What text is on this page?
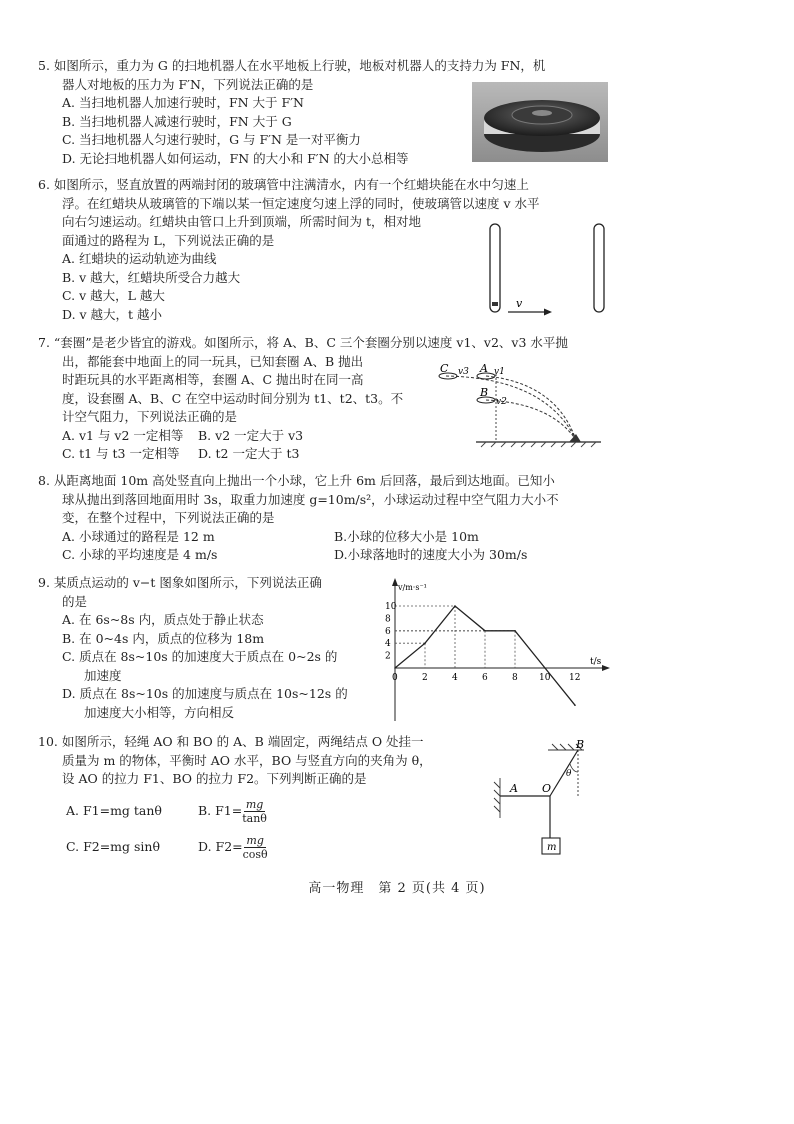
5. 如图所示，重力为 G 的扫地机器人在水平地板上行驶，地板对机器人的支持力为 FN，机
器人对地板的压力为 F′N，下列说法正确的是
A. 当扫地机器人加速行驶时，FN 大于 F′N
B. 当扫地机器人减速行驶时，FN 大于 G
C. 当扫地机器人匀速行驶时，G 与 F′N 是一对平衡力
D. 无论扫地机器人如何运动，FN 的大小和 F′N 的大小总相等
6. 如图所示，竖直放置的两端封闭的玻璃管中注满清水，内有一个红蜡块能在水中匀速上
浮。在红蜡块从玻璃管的下端以某一恒定速度匀速上浮的同时，使玻璃管以速度 v 水平
向右匀速运动。红蜡块由管口上升到顶端，所需时间为 t，相对地
面通过的路程为 L，下列说法正确的是
A. 红蜡块的运动轨迹为曲线
B. v 越大，红蜡块所受合力越大
C. v 越大，L 越大
D. v 越大，t 越小
v
7. “套圈”是老少皆宜的游戏。如图所示，将 A、B、C 三个套圈分别以速度 v1、v2、v3 水平抛
出，都能套中地面上的同一玩具，已知套圈 A、B 抛出
时距玩具的水平距离相等，套圈 A、C 抛出时在同一高
度，设套圈 A、B、C 在空中运动时间分别为 t1、t2、t3。不
计空气阻力，下列说法正确的是
A. v1 与 v2 一定相等	B. v2 一定大于 v3
C. t1 与 t3 一定相等	D. t2 一定大于 t3
C v3 A v1
B
v2
8. 从距离地面 10m 高处竖直向上抛出一个小球，它上升 6m 后回落，最后到达地面。已知小
球从抛出到落回地面用时 3s，取重力加速度 g=10m/s²，小球运动过程中空气阻力大小不
变，在整个过程中，下列说法正确的是
A. 小球通过的路程是 12 m	B.小球的位移大小是 10m
C. 小球的平均速度是 4 m/s	D.小球落地时的速度大小为 30m/s
9. 某质点运动的 v−t 图象如图所示，下列说法正确
的是
A. 在 6s~8s 内，质点处于静止状态
B. 在 0~4s 内，质点的位移为 18m
C. 质点在 8s~10s 的加速度大于质点在 0~2s 的
加速度
D. 质点在 8s~10s 的加速度与质点在 10s~12s 的
加速度大小相等，方向相反
v/m·s⁻¹
t/s
0	2	4	6	8 10 12
2
4
6
8
10
10. 如图所示，轻绳 AO 和 BO 的 A、B 端固定，两绳结点 O 处挂一
质量为 m 的物体，平衡时 AO 水平，BO 与竖直方向的夹角为 θ，
设 AO 的拉力 F1、BO 的拉力 F2。下列判断正确的是
A. F1=mg tanθ	B. $F1= \frac{mg}{\tan\theta}$
C. F2=mg sinθ	D. $F2= \frac{mg}{\cos\theta}$
A O
B
θ
m
高一物理　第 2 页(共 4 页)
